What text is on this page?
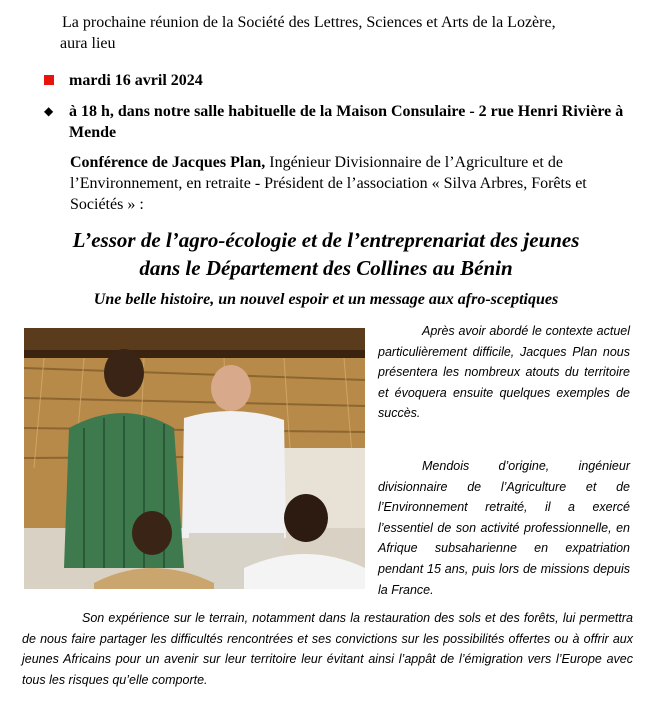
La prochaine réunion de la Société des Lettres, Sciences et Arts de la Lozère,
aura lieu
mardi 16 avril 2024
◆ à 18 h, dans notre salle habituelle de la Maison Consulaire - 2 rue Henri Rivière à Mende
Conférence de Jacques Plan, Ingénieur Divisionnaire de l’Agriculture et de l’Environnement, en retraite - Président de l’association « Silva Arbres, Forêts et Sociétés » :
L’essor de l’agro-écologie et de l’entreprenariat des jeunes
dans le Département des Collines au Bénin
Une belle histoire, un nouvel espoir et un message aux afro-sceptiques

Après avoir abordé le contexte actuel particulièrement difficile, Jacques Plan nous présentera les nombreux atouts du territoire et évoquera ensuite quelques exemples de succès.

Mendois d’origine, ingénieur divisionnaire de l’Agriculture et de l’Environnement retraité, il a exercé l’essentiel de son activité professionnelle, en Afrique subsaharienne en expatriation pendant 15 ans, puis lors de missions depuis la France.

Son expérience sur le terrain, notamment dans la restauration des sols et des forêts, lui permettra de nous faire partager les difficultés rencontrées et ses convictions sur les possibilités offertes ou à offrir aux jeunes Africains pour un avenir sur leur territoire leur évitant ainsi l’appât de l’émigration vers l’Europe avec tous les risques qu’elle comporte.
